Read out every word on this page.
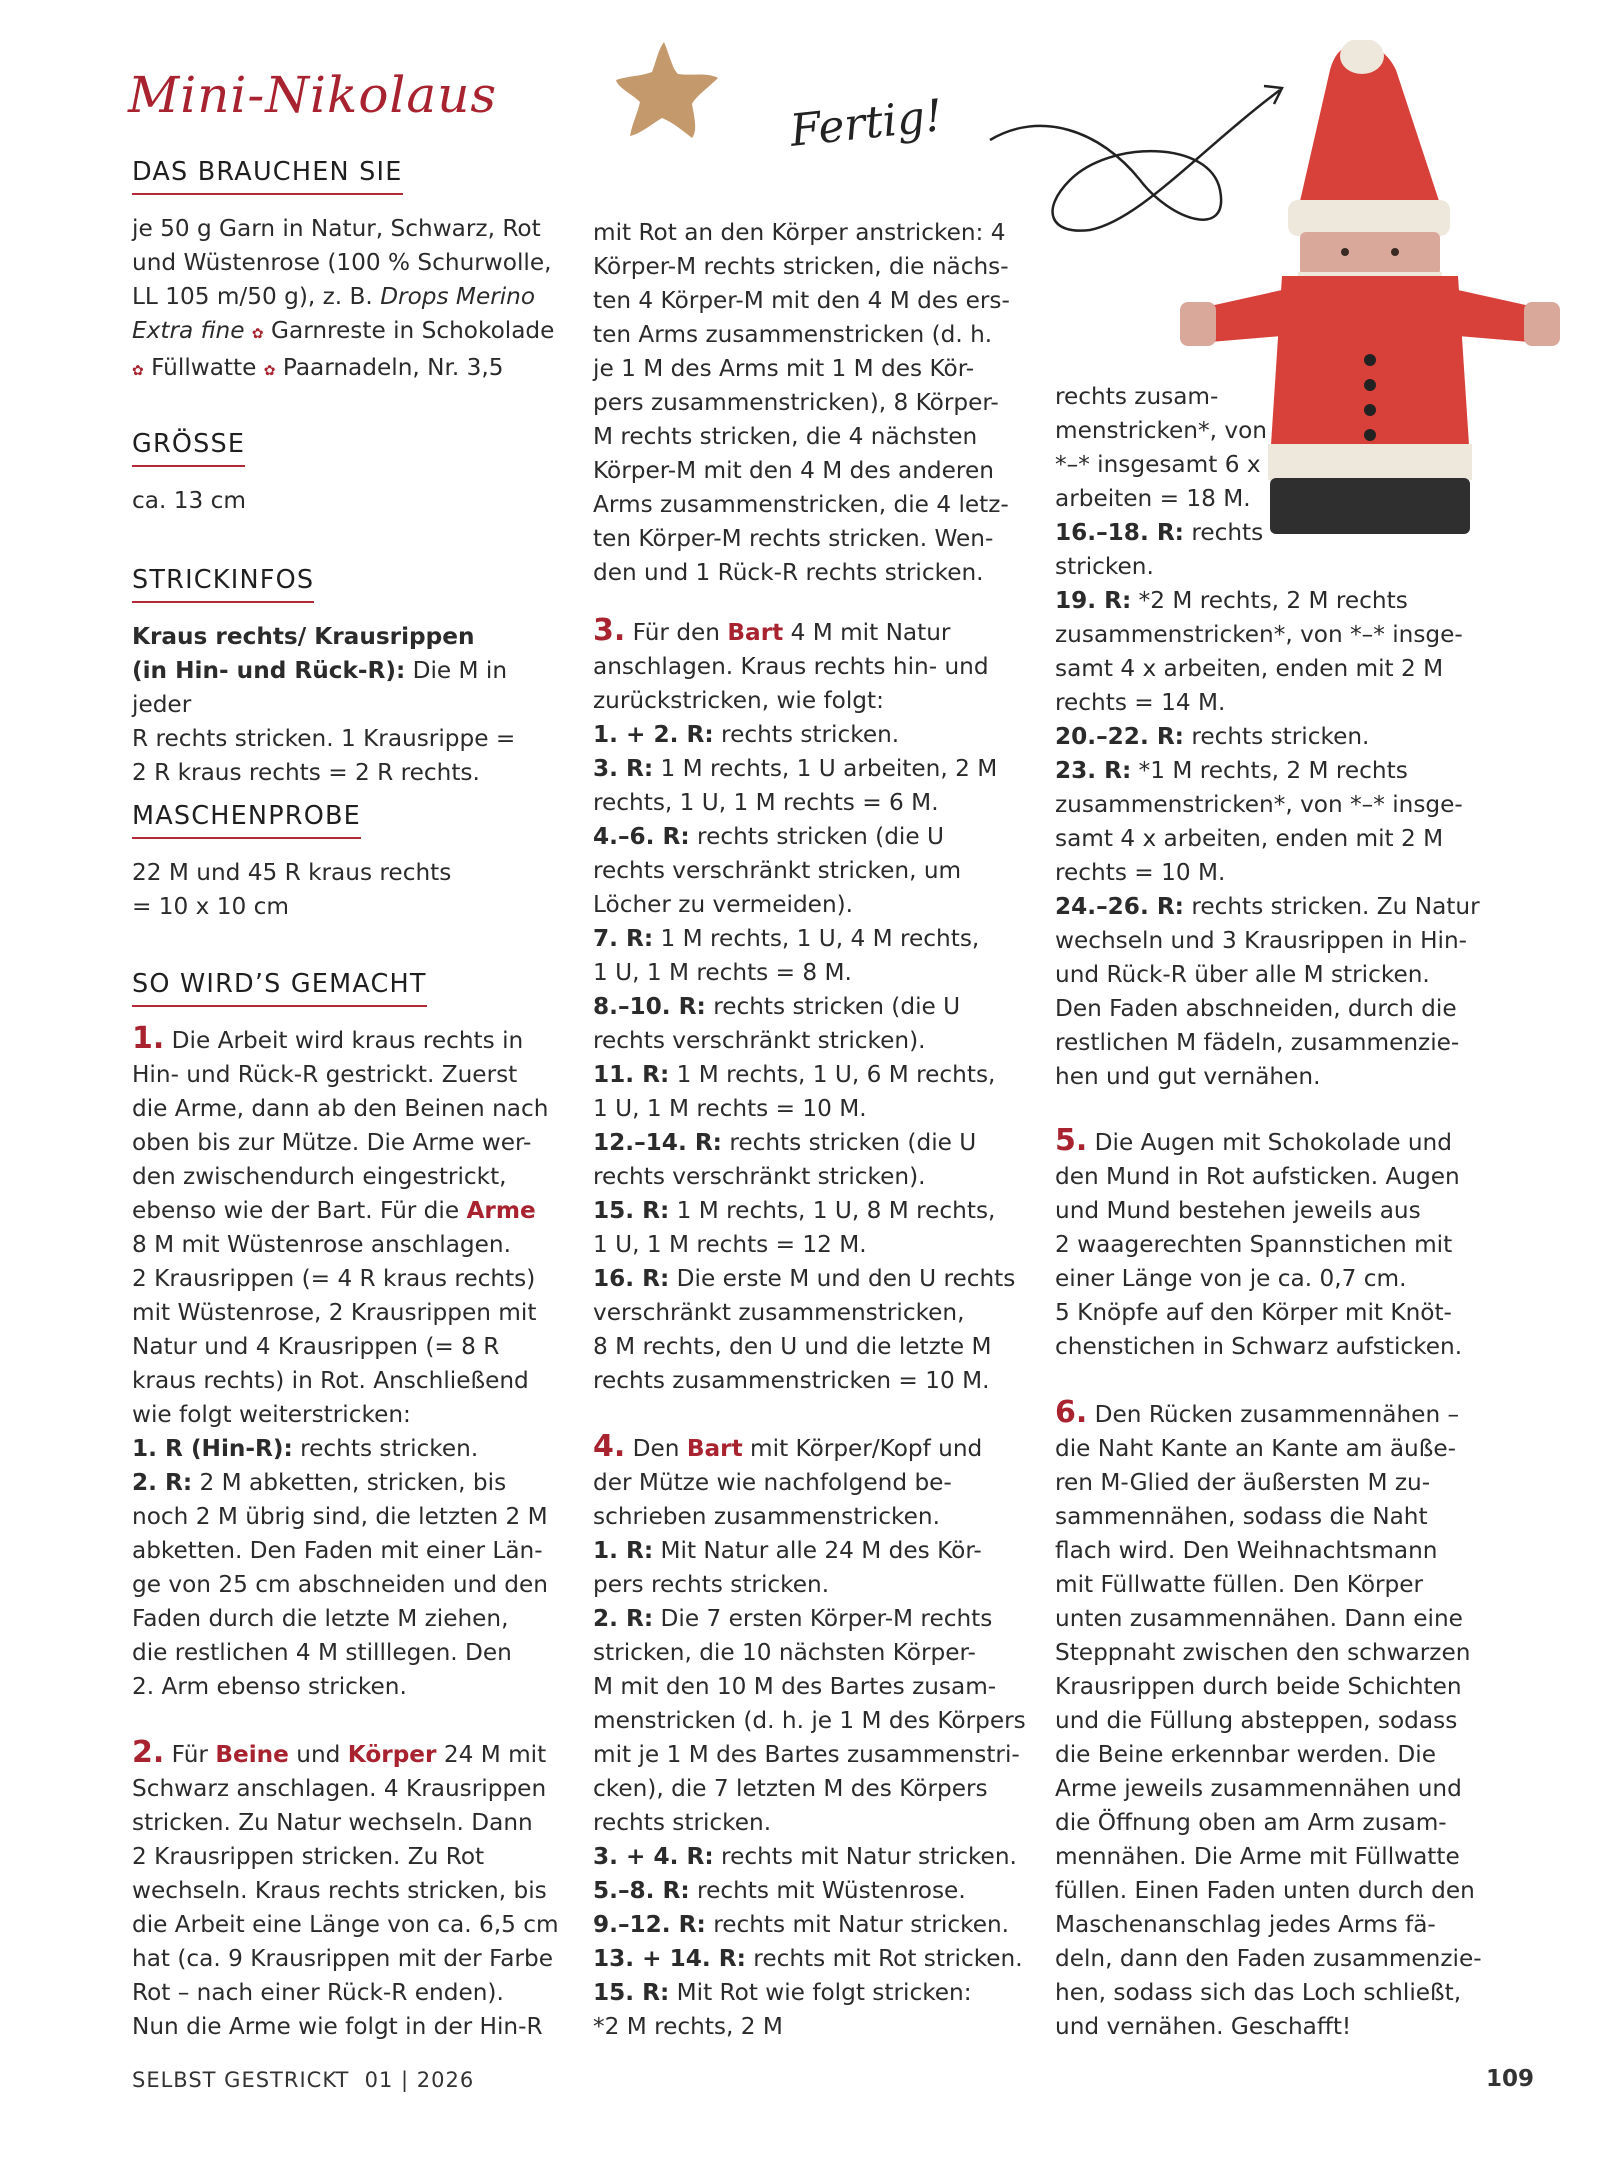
Mini-Nikolaus	Fertig!
DAS BRAUCHEN SIE
je 50 g Garn in Natur, Schwarz, Rot
und Wüstenrose (100 % Schurwolle,
LL 105 m/50 g), z. B. Drops Merino
Extra fine ✿ Garnreste in Schokolade
✿ Füllwatte ✿ Paarnadeln, Nr. 3,5
GRÖSSE
ca. 13 cm
STRICKINFOS
Kraus rechts/ Krausrippen
(in Hin- und Rück-R): Die M in jeder
R rechts stricken. 1 Krausrippe =
2 R kraus rechts = 2 R rechts.
MASCHENPROBE
22 M und 45 R kraus rechts
= 10 x 10 cm
SO WIRD’S GEMACHT
1. Die Arbeit wird kraus rechts in
Hin- und Rück-R gestrickt. Zuerst
die Arme, dann ab den Beinen nach
oben bis zur Mütze. Die Arme wer-
den zwischendurch eingestrickt,
ebenso wie der Bart. Für die Arme
8 M mit Wüstenrose anschlagen.
2 Krausrippen (= 4 R kraus rechts)
mit Wüstenrose, 2 Krausrippen mit
Natur und 4 Krausrippen (= 8 R
kraus rechts) in Rot. Anschließend
wie folgt weiterstricken:
1. R (Hin-R): rechts stricken.
2. R: 2 M abketten, stricken, bis
noch 2 M übrig sind, die letzten 2 M
abketten. Den Faden mit einer Län-
ge von 25 cm abschneiden und den
Faden durch die letzte M ziehen,
die restlichen 4 M stilllegen. Den
2. Arm ebenso stricken.
2. Für Beine und Körper 24 M mit
Schwarz anschlagen. 4 Krausrippen
stricken. Zu Natur wechseln. Dann
2 Krausrippen stricken. Zu Rot
wechseln. Kraus rechts stricken, bis
die Arbeit eine Länge von ca. 6,5 cm
hat (ca. 9 Krausrippen mit der Farbe
Rot – nach einer Rück-R enden).
Nun die Arme wie folgt in der Hin-R
mit Rot an den Körper anstricken: 4
Körper-M rechts stricken, die nächs-
ten 4 Körper-M mit den 4 M des ers-
ten Arms zusammenstricken (d. h.
je 1 M des Arms mit 1 M des Kör-
pers zusammenstricken), 8 Körper-
M rechts stricken, die 4 nächsten
Körper-M mit den 4 M des anderen
Arms zusammenstricken, die 4 letz-
ten Körper-M rechts stricken. Wen-
den und 1 Rück-R rechts stricken.
3. Für den Bart 4 M mit Natur
anschlagen. Kraus rechts hin- und
zurückstricken, wie folgt:
1. + 2. R: rechts stricken.
3. R: 1 M rechts, 1 U arbeiten, 2 M
rechts, 1 U, 1 M rechts = 6 M.
4.–6. R: rechts stricken (die U
rechts verschränkt stricken, um
Löcher zu vermeiden).
7. R: 1 M rechts, 1 U, 4 M rechts,
1 U, 1 M rechts = 8 M.
8.–10. R: rechts stricken (die U
rechts verschränkt stricken).
11. R: 1 M rechts, 1 U, 6 M rechts,
1 U, 1 M rechts = 10 M.
12.–14. R: rechts stricken (die U
rechts verschränkt stricken).
15. R: 1 M rechts, 1 U, 8 M rechts,
1 U, 1 M rechts = 12 M.
16. R: Die erste M und den U rechts
verschränkt zusammenstricken,
8 M rechts, den U und die letzte M
rechts zusammenstricken = 10 M.
4. Den Bart mit Körper/Kopf und
der Mütze wie nachfolgend be-
schrieben zusammenstricken.
1. R: Mit Natur alle 24 M des Kör-
pers rechts stricken.
2. R: Die 7 ersten Körper-M rechts
stricken, die 10 nächsten Körper-
M mit den 10 M des Bartes zusam-
menstricken (d. h. je 1 M des Körpers
mit je 1 M des Bartes zusammenstri-
cken), die 7 letzten M des Körpers
rechts stricken.
3. + 4. R: rechts mit Natur stricken.
5.–8. R: rechts mit Wüstenrose.
9.–12. R: rechts mit Natur stricken.
13. + 14. R: rechts mit Rot stricken.
15. R: Mit Rot wie folgt stricken:
*2 M rechts, 2 M
rechts zusam-
menstricken*, von
*–* insgesamt 6 x
arbeiten = 18 M.
16.–18. R: rechts
stricken.
19. R: *2 M rechts, 2 M rechts
zusammenstricken*, von *–* insge-
samt 4 x arbeiten, enden mit 2 M
rechts = 14 M.
20.–22. R: rechts stricken.
23. R: *1 M rechts, 2 M rechts
zusammenstricken*, von *–* insge-
samt 4 x arbeiten, enden mit 2 M
rechts = 10 M.
24.–26. R: rechts stricken. Zu Natur
wechseln und 3 Krausrippen in Hin-
und Rück-R über alle M stricken.
Den Faden abschneiden, durch die
restlichen M fädeln, zusammenzie-
hen und gut vernähen.
5. Die Augen mit Schokolade und
den Mund in Rot aufsticken. Augen
und Mund bestehen jeweils aus
2 waagerechten Spannstichen mit
einer Länge von je ca. 0,7 cm.
5 Knöpfe auf den Körper mit Knöt-
chenstichen in Schwarz aufsticken.
6. Den Rücken zusammennähen –
die Naht Kante an Kante am äuße-
ren M-Glied der äußersten M zu-
sammennähen, sodass die Naht
flach wird. Den Weihnachtsmann
mit Füllwatte füllen. Den Körper
unten zusammennähen. Dann eine
Steppnaht zwischen den schwarzen
Krausrippen durch beide Schichten
und die Füllung absteppen, sodass
die Beine erkennbar werden. Die
Arme jeweils zusammennähen und
die Öffnung oben am Arm zusam-
mennähen. Die Arme mit Füllwatte
füllen. Einen Faden unten durch den
Maschenanschlag jedes Arms fä-
deln, dann den Faden zusammenzie-
hen, sodass sich das Loch schließt,
und vernähen. Geschafft!
SELBST GESTRICKT 01 | 2026	109
